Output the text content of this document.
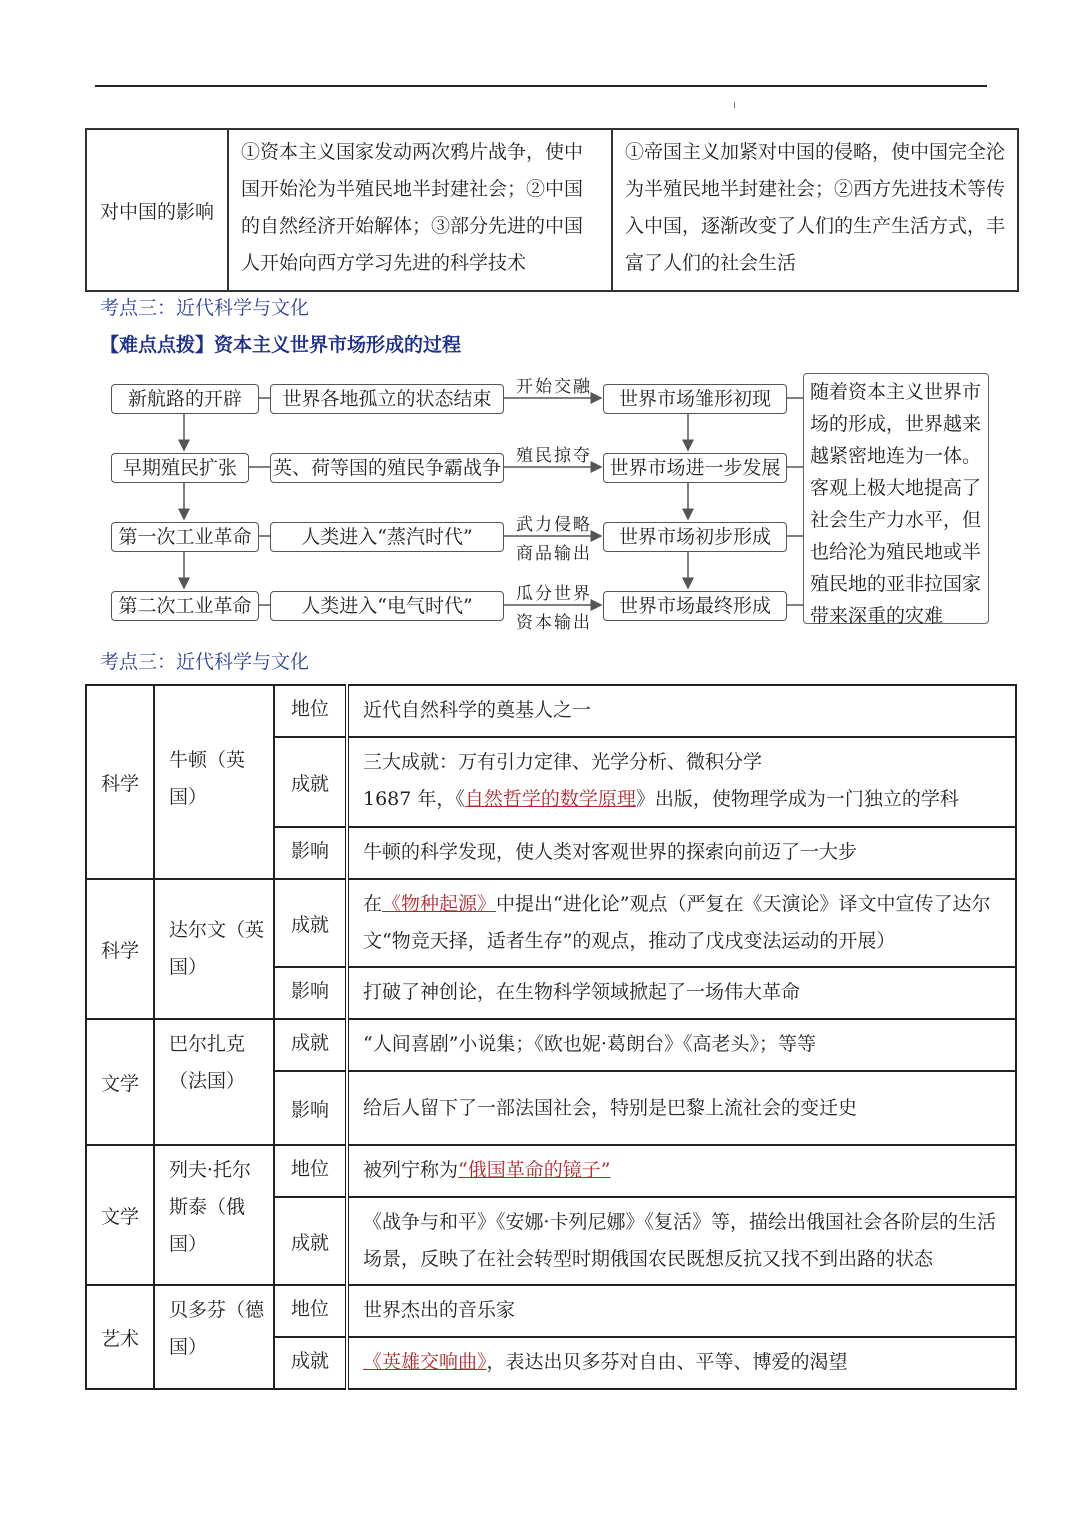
对中国的影响	①资本主义国家发动两次鸦片战争，使中国开始沦为半殖民地半封建社会；②中国的自然经济开始解体；③部分先进的中国人开始向西方学习先进的科学技术	①帝国主义加紧对中国的侵略，使中国完全沦为半殖民地半封建社会；②西方先进技术等传入中国，逐渐改变了人们的生产生活方式，丰富了人们的社会生活
考点三：近代科学与文化
【难点点拨】资本主义世界市场形成的过程
新航路的开辟
早期殖民扩张
第一次工业革命
第二次工业革命
世界各地孤立的状态结束
英、荷等国的殖民争霸战争
人类进入“蒸汽时代”
人类进入“电气时代”
开始交融
殖民掠夺
武力侵略
商品输出
瓜分世界
资本输出
世界市场雏形初现
世界市场进一步发展
世界市场初步形成
世界市场最终形成
随着资本主义世界市场的形成，世界越来越紧密地连为一体。客观上极大地提高了社会生产力水平，但也给沦为殖民地或半殖民地的亚非拉国家带来深重的灾难
考点三：近代科学与文化
科学	牛顿（英国）	地位	近代自然科学的奠基人之一
		成就	三大成就：万有引力定律、光学分析、微积分学
1687 年，《自然哲学的数学原理》出版，使物理学成为一门独立的学科

		影响	牛顿的科学发现，使人类对客观世界的探索向前迈了一大步
科学	达尔文（英国）	成就	在《物种起源》中提出“进化论”观点（严复在《天演论》译文中宣传了达尔文“物竞天择，适者生存”的观点，推动了戊戌变法运动的开展）
		影响	打破了神创论，在生物科学领域掀起了一场伟大革命
文学	巴尔扎克（法国）	成就	“人间喜剧”小说集；《欧也妮·葛朗台》《高老头》；等等
		影响	给后人留下了一部法国社会，特别是巴黎上流社会的变迁史
文学	列夫·托尔斯泰（俄国）	地位	被列宁称为“俄国革命的镜子”
		成就	《战争与和平》《安娜·卡列尼娜》《复活》等，描绘出俄国社会各阶层的生活场景，反映了在社会转型时期俄国农民既想反抗又找不到出路的状态
艺术	贝多芬（德国）	地位	世界杰出的音乐家
		成就	《英雄交响曲》，表达出贝多芬对自由、平等、博爱的渴望
